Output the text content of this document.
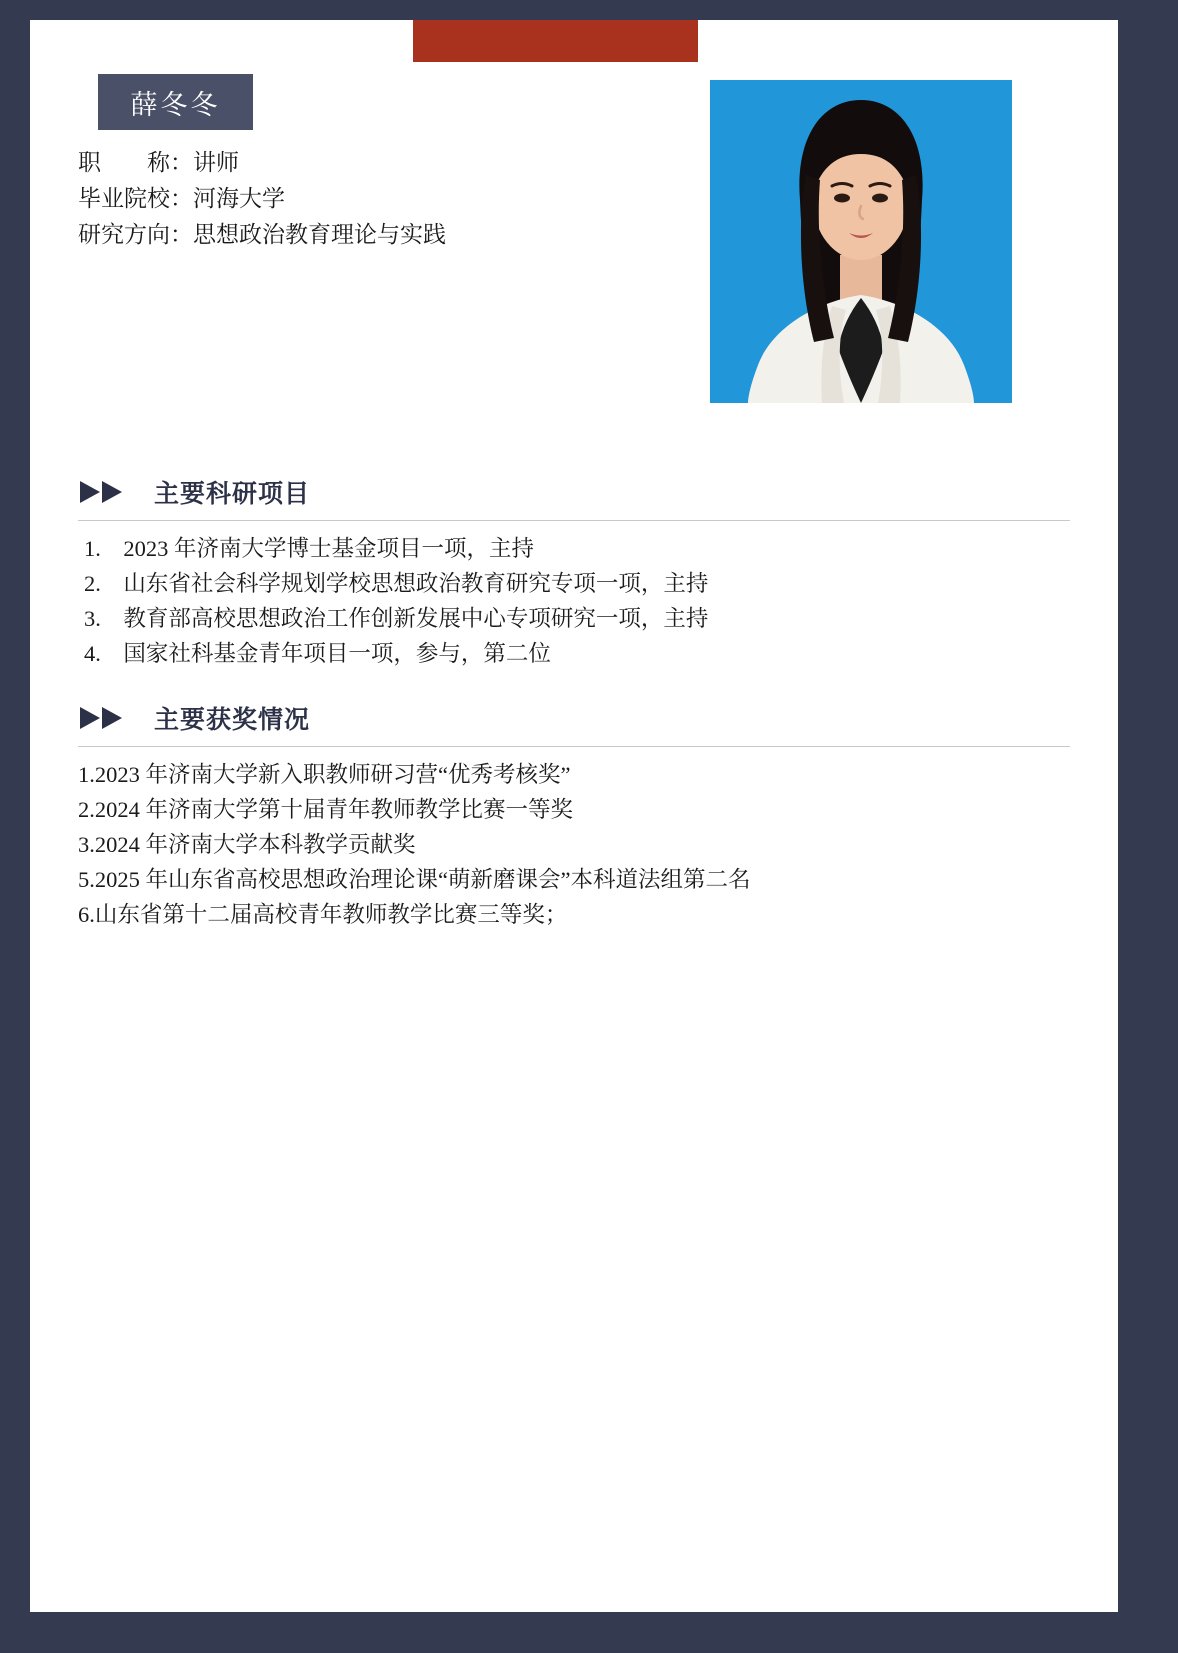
薛冬冬
职　　称：讲师
毕业院校：河海大学
研究方向：思想政治教育理论与实践
主要科研项目
1.　2023 年济南大学博士基金项目一项，主持
2.　山东省社会科学规划学校思想政治教育研究专项一项，主持
3.　教育部高校思想政治工作创新发展中心专项研究一项，主持
4.　国家社科基金青年项目一项，参与，第二位
主要获奖情况
1.2023 年济南大学新入职教师研习营“优秀考核奖”
2.2024 年济南大学第十届青年教师教学比赛一等奖
3.2024 年济南大学本科教学贡献奖
5.2025 年山东省高校思想政治理论课“萌新磨课会”本科道法组第二名
6.山东省第十二届高校青年教师教学比赛三等奖；
